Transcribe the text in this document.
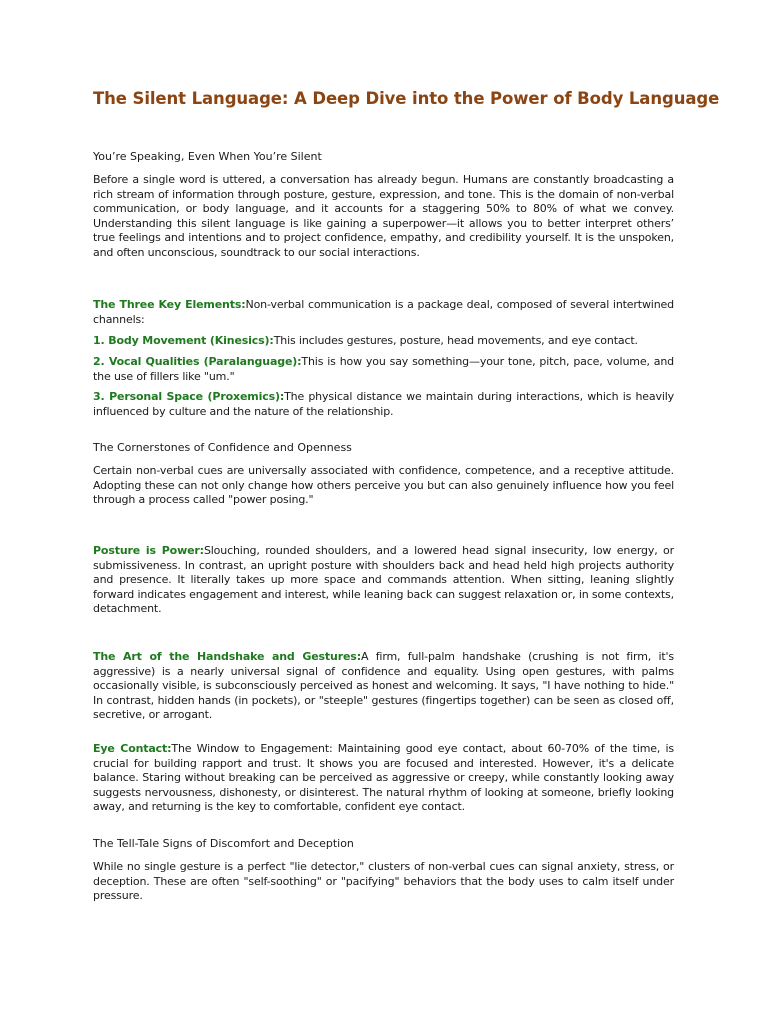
The Silent Language: A Deep Dive into the Power of Body Language
You’re Speaking, Even When You’re Silent
Before a single word is uttered, a conversation has already begun. Humans are constantly broadcasting a rich stream of information through posture, gesture, expression, and tone. This is the domain of non-verbal communication, or body language, and it accounts for a staggering 50% to 80% of what we convey. Understanding this silent language is like gaining a superpower—it allows you to better interpret others’ true feelings and intentions and to project confidence, empathy, and credibility yourself. It is the unspoken, and often unconscious, soundtrack to our social interactions.
The Three Key Elements:Non-verbal communication is a package deal, composed of several intertwined channels:
1. Body Movement (Kinesics):This includes gestures, posture, head movements, and eye contact.
2. Vocal Qualities (Paralanguage):This is how you say something—your tone, pitch, pace, volume, and the use of fillers like "um."
3. Personal Space (Proxemics):The physical distance we maintain during interactions, which is heavily influenced by culture and the nature of the relationship.
The Cornerstones of Confidence and Openness
Certain non-verbal cues are universally associated with confidence, competence, and a receptive attitude. Adopting these can not only change how others perceive you but can also genuinely influence how you feel through a process called "power posing."
Posture is Power:Slouching, rounded shoulders, and a lowered head signal insecurity, low energy, or submissiveness. In contrast, an upright posture with shoulders back and head held high projects authority and presence. It literally takes up more space and commands attention. When sitting, leaning slightly forward indicates engagement and interest, while leaning back can suggest relaxation or, in some contexts, detachment.
The Art of the Handshake and Gestures:A firm, full-palm handshake (crushing is not firm, it's aggressive) is a nearly universal signal of confidence and equality. Using open gestures, with palms occasionally visible, is subconsciously perceived as honest and welcoming. It says, "I have nothing to hide." In contrast, hidden hands (in pockets), or "steeple" gestures (fingertips together) can be seen as closed off, secretive, or arrogant.
Eye Contact:The Window to Engagement: Maintaining good eye contact, about 60-70% of the time, is crucial for building rapport and trust. It shows you are focused and interested. However, it's a delicate balance. Staring without breaking can be perceived as aggressive or creepy, while constantly looking away suggests nervousness, dishonesty, or disinterest. The natural rhythm of looking at someone, briefly looking away, and returning is the key to comfortable, confident eye contact.
The Tell-Tale Signs of Discomfort and Deception
While no single gesture is a perfect "lie detector," clusters of non-verbal cues can signal anxiety, stress, or deception. These are often "self-soothing" or "pacifying" behaviors that the body uses to calm itself under pressure.
